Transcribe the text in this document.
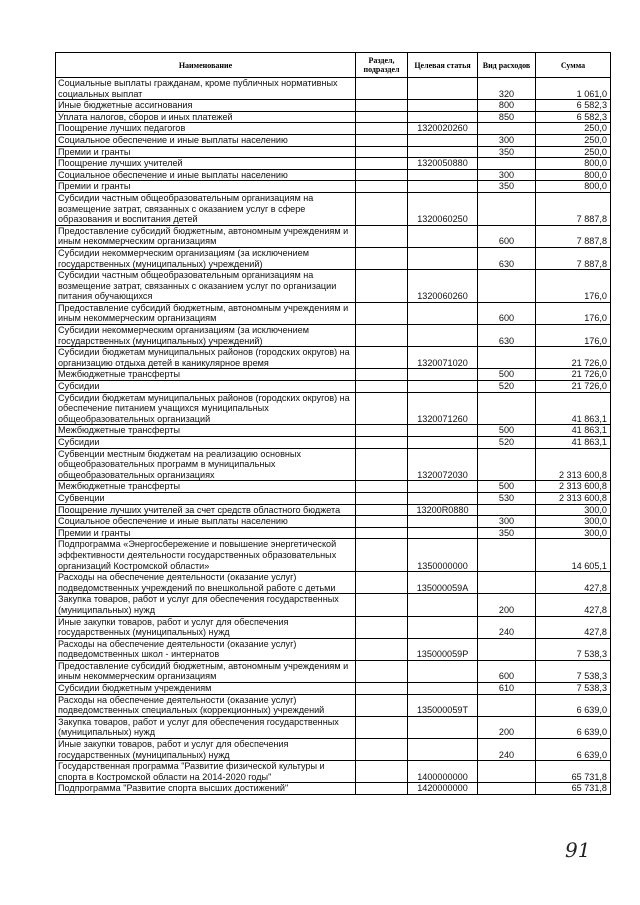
Наименование	Раздел, подраздел	Целевая статья	Вид расходов	Сумма
Социальные выплаты гражданам, кроме публичных нормативных социальных выплат			320	1 061,0
Иные бюджетные ассигнования			800	6 582,3
Уплата налогов, сборов и иных платежей			850	6 582,3
Поощрение лучших педагогов		1320020260		250,0
Социальное обеспечение и иные выплаты населению			300	250,0
Премии и гранты			350	250,0
Поощрение лучших учителей		1320050880		800,0
Социальное обеспечение и иные выплаты населению			300	800,0
Премии и гранты			350	800,0
Субсидии частным общеобразовательным организациям на возмещение затрат, связанных с оказанием услуг в сфере образования и воспитания детей		1320060250		7 887,8
Предоставление субсидий бюджетным, автономным учреждениям и иным некоммерческим организациям			600	7 887,8
Субсидии некоммерческим организациям (за исключением государственных (муниципальных) учреждений)			630	7 887,8
Субсидии частным общеобразовательным организациям на возмещение затрат, связанных с оказанием услуг по организации питания обучающихся		1320060260		176,0
Предоставление субсидий бюджетным, автономным учреждениям и иным некоммерческим организациям			600	176,0
Субсидии некоммерческим организациям (за исключением государственных (муниципальных) учреждений)			630	176,0
Субсидии бюджетам муниципальных районов (городских округов) на организацию отдыха детей в каникулярное время		1320071020		21 726,0
Межбюджетные трансферты			500	21 726,0
Субсидии			520	21 726,0
Субсидии бюджетам муниципальных районов (городских округов) на обеспечение питанием учащихся муниципальных общеобразовательных организаций		1320071260		41 863,1
Межбюджетные трансферты			500	41 863,1
Субсидии			520	41 863,1
Субвенции местным бюджетам на реализацию основных общеобразовательных программ в муниципальных общеобразовательных организациях		1320072030		2 313 600,8
Межбюджетные трансферты			500	2 313 600,8
Субвенции			530	2 313 600,8
Поощрение лучших учителей за счет средств областного бюджета		13200R0880		300,0
Социальное обеспечение и иные выплаты населению			300	300,0
Премии и гранты			350	300,0
Подпрограмма «Энергосбережение и повышение энергетической эффективности деятельности государственных образовательных организаций Костромской области»		1350000000		14 605,1
Расходы на обеспечение деятельности (оказание услуг) подведомственных учреждений по внешкольной работе с детьми		135000059А		427,8
Закупка товаров, работ и услуг для обеспечения государственных (муниципальных) нужд			200	427,8
Иные закупки товаров, работ и услуг для обеспечения государственных (муниципальных) нужд			240	427,8
Расходы на обеспечение деятельности (оказание услуг) подведомственных школ - интернатов		135000059Р		7 538,3
Предоставление субсидий бюджетным, автономным учреждениям и иным некоммерческим организациям			600	7 538,3
Субсидии бюджетным учреждениям			610	7 538,3
Расходы на обеспечение деятельности (оказание услуг) подведомственных специальных (коррекционных) учреждений		135000059Т		6 639,0
Закупка товаров, работ и услуг для обеспечения государственных (муниципальных) нужд			200	6 639,0
Иные закупки товаров, работ и услуг для обеспечения государственных (муниципальных) нужд			240	6 639,0
Государственная программа "Развитие физической культуры и спорта в Костромской области на 2014-2020 годы"		1400000000		65 731,8
Подпрограмма "Развитие спорта высших достижений"		1420000000		65 731,8
91
